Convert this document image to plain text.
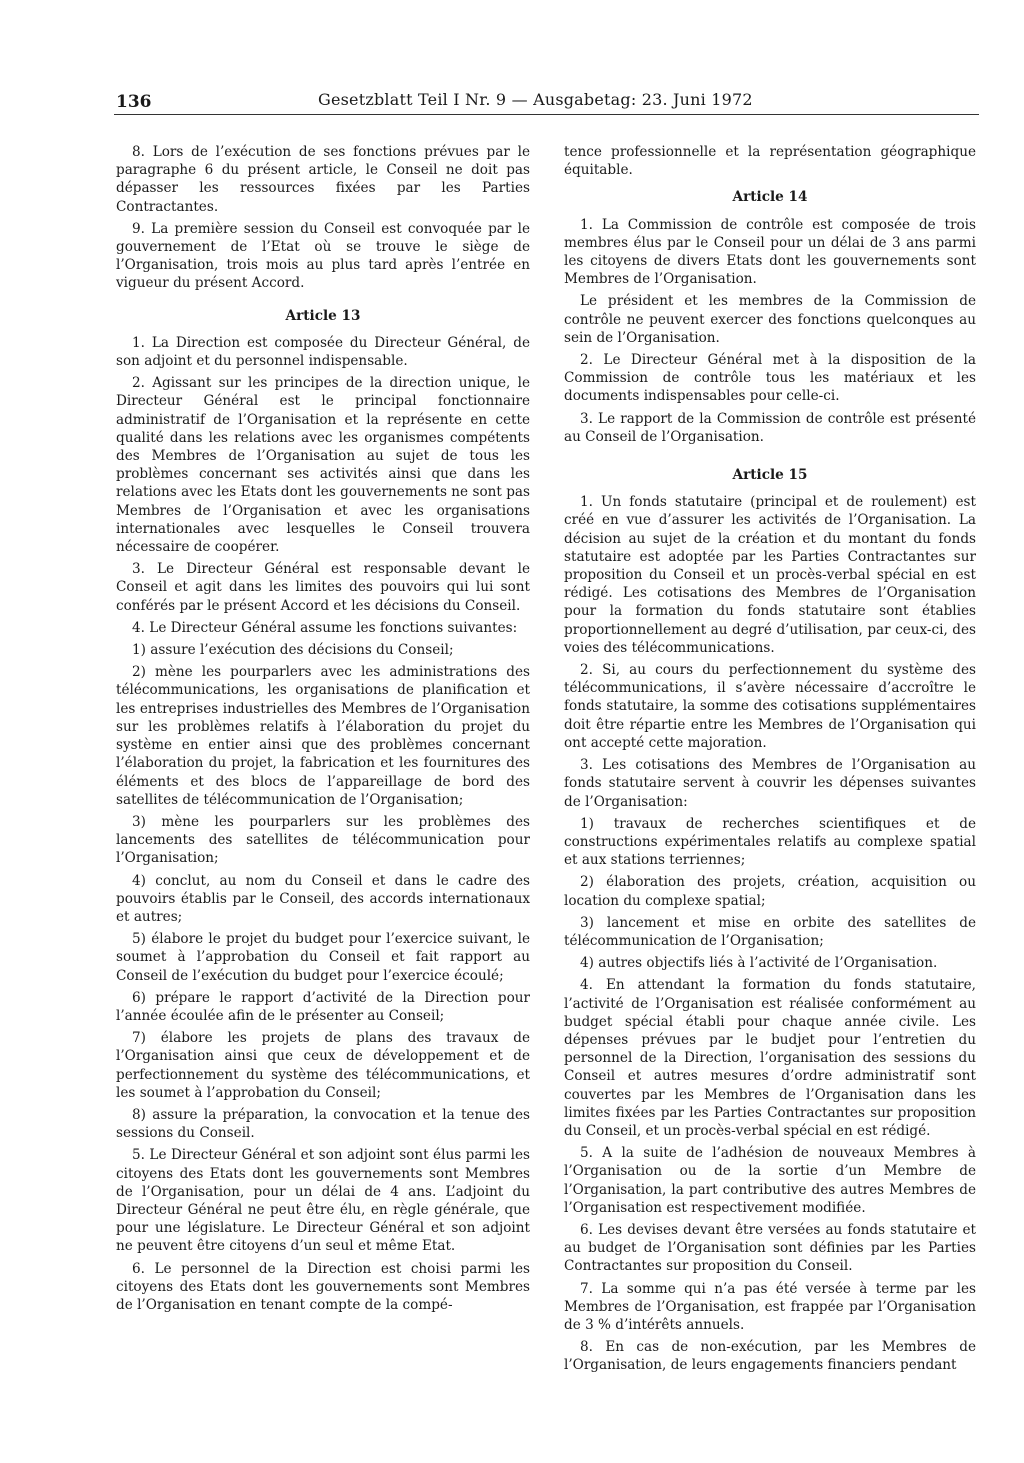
136	Gesetzblatt Teil I Nr. 9 — Ausgabetag: 23. Juni 1972

8. Lors de l’exécution de ses fonctions prévues par le paragraphe 6 du présent article, le Conseil ne doit pas dépasser les ressources fixées par les Parties Contractantes.

9. La première session du Conseil est convoquée par le gouvernement de l’Etat où se trouve le siège de l’Organisation, trois mois au plus tard après l’entrée en vigueur du présent Accord.

Article 13

1. La Direction est composée du Directeur Général, de son adjoint et du personnel indispensable.

2. Agissant sur les principes de la direction unique, le Directeur Général est le principal fonctionnaire administratif de l’Organisation et la représente en cette qualité dans les relations avec les organismes compétents des Membres de l’Organisation au sujet de tous les problèmes concernant ses activités ainsi que dans les relations avec les Etats dont les gouvernements ne sont pas Membres de l’Organisation et avec les organisations internationales avec lesquelles le Conseil trouvera nécessaire de coopérer.

3. Le Directeur Général est responsable devant le Conseil et agit dans les limites des pouvoirs qui lui sont conférés par le présent Accord et les décisions du Conseil.

4. Le Directeur Général assume les fonctions suivantes:

1) assure l’exécution des décisions du Conseil;

2) mène les pourparlers avec les administrations des télécommunications, les organisations de planification et les entreprises industrielles des Membres de l’Organisation sur les problèmes relatifs à l’élaboration du projet du système en entier ainsi que des problèmes concernant l’élaboration du projet, la fabrication et les fournitures des éléments et des blocs de l’appareillage de bord des satellites de télécommunication de l’Organisation;

3) mène les pourparlers sur les problèmes des lancements des satellites de télécommunication pour l’Organisation;

4) conclut, au nom du Conseil et dans le cadre des pouvoirs établis par le Conseil, des accords internationaux et autres;

5) élabore le projet du budget pour l’exercice suivant, le soumet à l’approbation du Conseil et fait rapport au Conseil de l’exécution du budget pour l’exercice écoulé;

6) prépare le rapport d’activité de la Direction pour l’année écoulée afin de le présenter au Conseil;

7) élabore les projets de plans des travaux de l’Organisation ainsi que ceux de développement et de perfectionnement du système des télécommunications, et les soumet à l’approbation du Conseil;

8) assure la préparation, la convocation et la tenue des sessions du Conseil.

5. Le Directeur Général et son adjoint sont élus parmi les citoyens des Etats dont les gouvernements sont Membres de l’Organisation, pour un délai de 4 ans. L’adjoint du Directeur Général ne peut être élu, en règle générale, que pour une législature. Le Directeur Général et son adjoint ne peuvent être citoyens d’un seul et même Etat.

6. Le personnel de la Direction est choisi parmi les citoyens des Etats dont les gouvernements sont Membres de l’Organisation en tenant compte de la compé-

tence professionnelle et la représentation géographique équitable.

Article 14

1. La Commission de contrôle est composée de trois membres élus par le Conseil pour un délai de 3 ans parmi les citoyens de divers Etats dont les gouvernements sont Membres de l’Organisation.

Le président et les membres de la Commission de contrôle ne peuvent exercer des fonctions quelconques au sein de l’Organisation.

2. Le Directeur Général met à la disposition de la Commission de contrôle tous les matériaux et les documents indispensables pour celle-ci.

3. Le rapport de la Commission de contrôle est présenté au Conseil de l’Organisation.

Article 15

1. Un fonds statutaire (principal et de roulement) est créé en vue d’assurer les activités de l’Organisation. La décision au sujet de la création et du montant du fonds statutaire est adoptée par les Parties Contractantes sur proposition du Conseil et un procès-verbal spécial en est rédigé. Les cotisations des Membres de l’Organisation pour la formation du fonds statutaire sont établies proportionnellement au degré d’utilisation, par ceux-ci, des voies des télécommunications.

2. Si, au cours du perfectionnement du système des télécommunications, il s’avère nécessaire d’accroître le fonds statutaire, la somme des cotisations supplémentaires doit être répartie entre les Membres de l’Organisation qui ont accepté cette majoration.

3. Les cotisations des Membres de l’Organisation au fonds statutaire servent à couvrir les dépenses suivantes de l’Organisation:

1) travaux de recherches scientifiques et de constructions expérimentales relatifs au complexe spatial et aux stations terriennes;

2) élaboration des projets, création, acquisition ou location du complexe spatial;

3) lancement et mise en orbite des satellites de télécommunication de l’Organisation;

4) autres objectifs liés à l’activité de l’Organisation.

4. En attendant la formation du fonds statutaire, l’activité de l’Organisation est réalisée conformément au budget spécial établi pour chaque année civile. Les dépenses prévues par le budjet pour l’entretien du personnel de la Direction, l’organisation des sessions du Conseil et autres mesures d’ordre administratif sont couvertes par les Membres de l’Organisation dans les limites fixées par les Parties Contractantes sur proposition du Conseil, et un procès-verbal spécial en est rédigé.

5. A la suite de l’adhésion de nouveaux Membres à l’Organisation ou de la sortie d’un Membre de l’Organisation, la part contributive des autres Membres de l’Organisation est respectivement modifiée.

6. Les devises devant être versées au fonds statutaire et au budget de l’Organisation sont définies par les Parties Contractantes sur proposition du Conseil.

7. La somme qui n’a pas été versée à terme par les Membres de l’Organisation, est frappée par l’Organisation de 3 % d’intérêts annuels.

8. En cas de non-exécution, par les Membres de l’Organisation, de leurs engagements financiers pendant
